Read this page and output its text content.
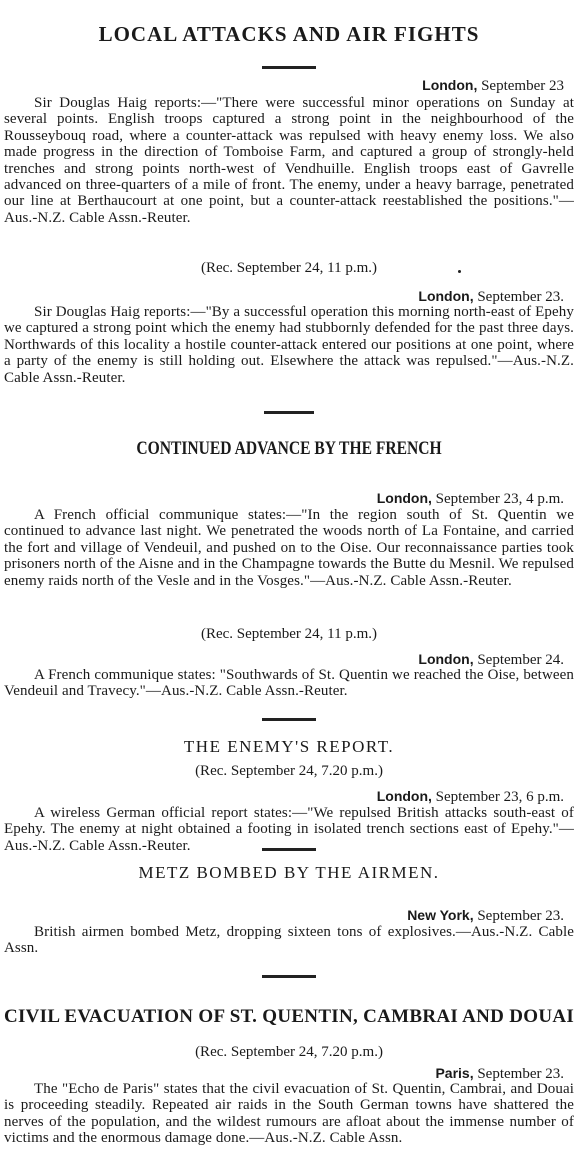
LOCAL ATTACKS AND AIR FIGHTS
London, September 23

Sir Douglas Haig reports:—"There were successful minor operations on Sunday at several points. English troops captured a strong point in the neighbourhood of the Rousseybouq road, where a counter-attack was repulsed with heavy enemy loss. We also made progress in the direction of Tomboise Farm, and captured a group of strongly-held trenches and strong points north-west of Vendhuille. English troops east of Gavrelle advanced on three-quarters of a mile of front. The enemy, under a heavy barrage, penetrated our line at Berthaucourt at one point, but a counter-attack reestablished the positions."—Aus.-N.Z. Cable Assn.-Reuter.

(Rec. September 24, 11 p.m.)
London, September 23.

Sir Douglas Haig reports:—"By a successful operation this morning north-east of Epehy we captured a strong point which the enemy had stubbornly defended for the past three days. Northwards of this locality a hostile counter-attack entered our positions at one point, where a party of the enemy is still holding out. Elsewhere the attack was repulsed."—Aus.-N.Z. Cable Assn.-Reuter.

CONTINUED ADVANCE BY THE FRENCH
London, September 23, 4 p.m.

A French official communique states:—"In the region south of St. Quentin we continued to advance last night. We penetrated the woods north of La Fontaine, and carried the fort and village of Vendeuil, and pushed on to the Oise. Our reconnaissance parties took prisoners north of the Aisne and in the Champagne towards the Butte du Mesnil. We repulsed enemy raids north of the Vesle and in the Vosges."—Aus.-N.Z. Cable Assn.-Reuter.

(Rec. September 24, 11 p.m.)
London, September 24.

A French communique states: "Southwards of St. Quentin we reached the Oise, between Vendeuil and Travecy."—Aus.-N.Z. Cable Assn.-Reuter.

THE ENEMY'S REPORT.
(Rec. September 24, 7.20 p.m.)
London, September 23, 6 p.m.

A wireless German official report states:—"We repulsed British attacks south-east of Epehy. The enemy at night obtained a footing in isolated trench sections east of Epehy."—Aus.-N.Z. Cable Assn.-Reuter.

METZ BOMBED BY THE AIRMEN.
New York, September 23.

British airmen bombed Metz, dropping sixteen tons of explosives.—Aus.-N.Z. Cable Assn.

CIVIL EVACUATION OF ST. QUENTIN, CAMBRAI AND DOUAI
(Rec. September 24, 7.20 p.m.)
Paris, September 23.

The "Echo de Paris" states that the civil evacuation of St. Quentin, Cambrai, and Douai is proceeding steadily. Repeated air raids in the South German towns have shattered the nerves of the population, and the wildest rumours are afloat about the immense number of victims and the enormous damage done.—Aus.-N.Z. Cable Assn.
